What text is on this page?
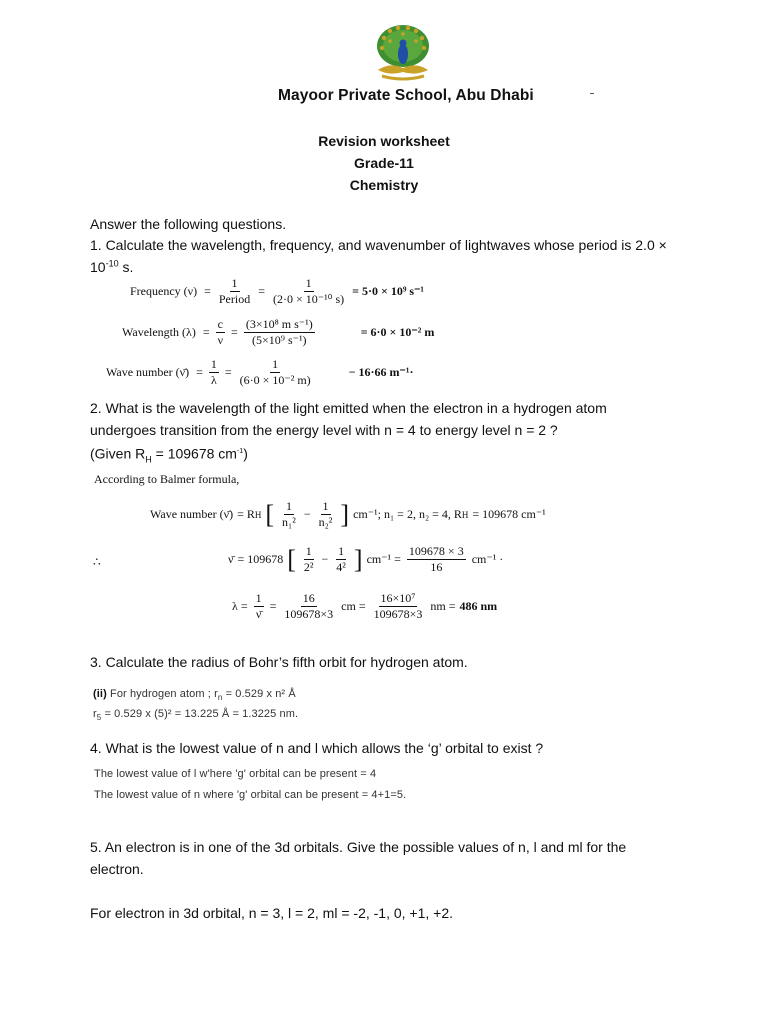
Mayoor Private School, Abu Dhabi
Revision worksheet
Grade-11
Chemistry
Answer the following questions.
1. Calculate the wavelength, frequency, and wavenumber of lightwaves whose period is 2.0 ×
$10^{-10}$ s.
Frequency $(\nu) = \frac{1}{\text{Period}} = \frac{1}{\text{(2·0 × 10⁻¹⁰ s)}} = 5\cdot 0 \times 10^9$ s⁻¹
Wavelength $(\lambda) = \frac{c}{\nu} = \frac{\text{(3×10⁸ m s⁻¹)}}{\text{(5×10⁹ s⁻¹)}}$	= 6·0 × 10⁻² m
Wave number (ν̄) = $\frac{1}{\lambda} = \frac{1}{\text{(6·0 × 10⁻² m)}}$	− 16·66 m⁻¹·
2. What is the wavelength of the light emitted when the electron in a hydrogen atom
undergoes transition from the energy level with n = 4 to energy level n = 2 ?
(Given $R_H = 109678$ $cm^{-1}$)
According to Balmer formula,
Wave number (ν̄) = R H [ $\frac{1}{\text{n₁²}} - \frac{1}{\text{n₂²}}$ ] cm⁻¹; n₁ = 2, n₂ = 4, R H = 109678 cm⁻¹
∴	ν̄ = 109678 [ $\frac{1}{\text{2²}} - \frac{1}{\text{4²}}$ ] $cm^{-1} = \frac{109678 \times 3}{16} cm^{-1}$ ·
$\lambda = \frac{1}{\nū} = \frac{16}{109678\times 3}$ cm = $\frac{\text{16×10⁷}}{109678\times 3}$ nm = 486 nm
3. Calculate the radius of Bohr’s fifth orbit for hydrogen atom.
(ii) For hydrogen atom ; $r_n = 0.529$ x n² Å
$r_5 = 0.529$ x (5)² = 13.225 Å = 1.3225 nm.
4. What is the lowest value of n and l which allows the ‘g’ orbital to exist ?
The lowest value of l w'here 'g' orbital can be present = 4
The lowest value of n where 'g' orbital can be present = 4+1=5.
5. An electron is in one of the 3d orbitals. Give the possible values of n, l and ml for the
electron.
For electron in 3d orbital, n = 3, l = 2, ml = -2, -1, 0, +1, +2.
